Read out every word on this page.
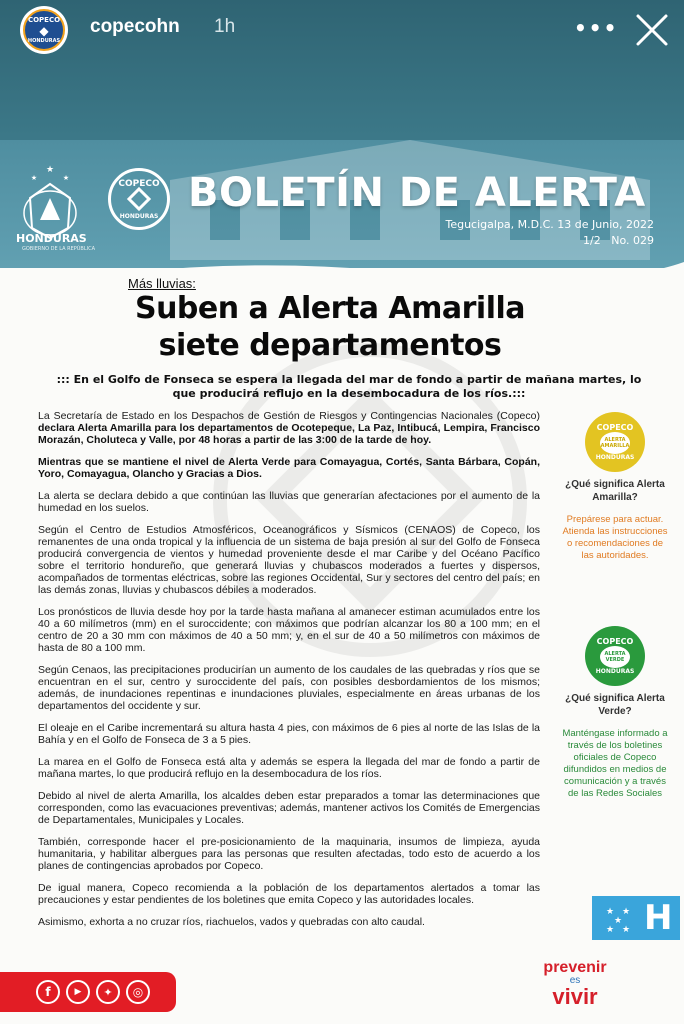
COPECO
◆
HONDURAS
copecohn 1h	•••
★
★	★
HONDURAS
GOBIERNO DE LA REPÚBLICA
COPECO
HONDURAS
BOLETÍN DE ALERTA
Tegucigalpa, M.D.C. 13 de Junio, 2022
1/2 No. 029
Más lluvias:
Suben a Alerta Amarilla
siete departamentos
::: En el Golfo de Fonseca se espera la llegada del mar de fondo a partir de mañana martes, lo que producirá reflujo en la desembocadura de los ríos.:::

La Secretaría de Estado en los Despachos de Gestión de Riesgos y Contingencias Nacionales (Copeco) declara Alerta Amarilla para los departamentos de Ocotepeque, La Paz, Intibucá, Lempira, Francisco Morazán, Choluteca y Valle, por 48 horas a partir de las 3:00 de la tarde de hoy.

Mientras que se mantiene el nivel de Alerta Verde para Comayagua, Cortés, Santa Bárbara, Copán, Yoro, Comayagua, Olancho y Gracias a Dios.

La alerta se declara debido a que continúan las lluvias que generarían afectaciones por el aumento de la humedad en los suelos.

Según el Centro de Estudios Atmosféricos, Oceanográficos y Sísmicos (CENAOS) de Copeco, los remanentes de una onda tropical y la influencia de un sistema de baja presión al sur del Golfo de Fonseca producirá convergencia de vientos y humedad proveniente desde el mar Caribe y del Océano Pacífico sobre el territorio hondureño, que generará lluvias y chubascos moderados a fuertes y dispersos, acompañados de tormentas eléctricas, sobre las regiones Occidental, Sur y sectores del centro del país; en las demás zonas, lluvias y chubascos débiles a moderados.

Los pronósticos de lluvia desde hoy por la tarde hasta mañana al amanecer estiman acumulados entre los 40 a 60 milímetros (mm) en el suroccidente; con máximos que podrían alcanzar los 80 a 100 mm; en el centro de 20 a 30 mm con máximos de 40 a 50 mm; y, en el sur de 40 a 50 milímetros con máximos de hasta de 80 a 100 mm.

Según Cenaos, las precipitaciones producirían un aumento de los caudales de las quebradas y ríos que se encuentran en el sur, centro y suroccidente del país, con posibles desbordamientos de los mismos; además, de inundaciones repentinas e inundaciones pluviales, especialmente en áreas urbanas de los departamentos del occidente y sur.

El oleaje en el Caribe incrementará su altura hasta 4 pies, con máximos de 6 pies al norte de las Islas de la Bahía y en el Golfo de Fonseca de 3 a 5 pies.

La marea en el Golfo de Fonseca está alta y además se espera la llegada del mar de fondo a partir de mañana martes, lo que producirá reflujo en la desembocadura de los ríos.

Debido al nivel de alerta Amarilla, los alcaldes deben estar preparados a tomar las determinaciones que corresponden, como las evacuaciones preventivas; además, mantener activos los Comités de Emergencias de Departamentales, Municipales y Locales.

También, corresponde hacer el pre-posicionamiento de la maquinaria, insumos de limpieza, ayuda humanitaria, y habilitar albergues para las personas que resulten afectadas, todo esto de acuerdo a los planes de contingencias aprobados por Copeco.

De igual manera, Copeco recomienda a la población de los departamentos alertados a tomar las precauciones y estar pendientes de los boletines que emita Copeco y las autoridades locales.

Asimismo, exhorta a no cruzar ríos, riachuelos, vados y quebradas con alto caudal.

COPECO
ALERTA AMARILLA
HONDURAS
¿Qué significa Alerta Amarilla?
Prepárese para actuar. Atienda las instrucciones o recomendaciones de las autoridades.
COPECO
ALERTA VERDE
HONDURAS
¿Qué significa Alerta Verde?
Manténgase informado a través de los boletines oficiales de Copeco difundidos en medios de comunicación y a través de las Redes Sociales
★ ★
★
★ ★ H
f	▶	✦	◎
prevenir
es
vivir
